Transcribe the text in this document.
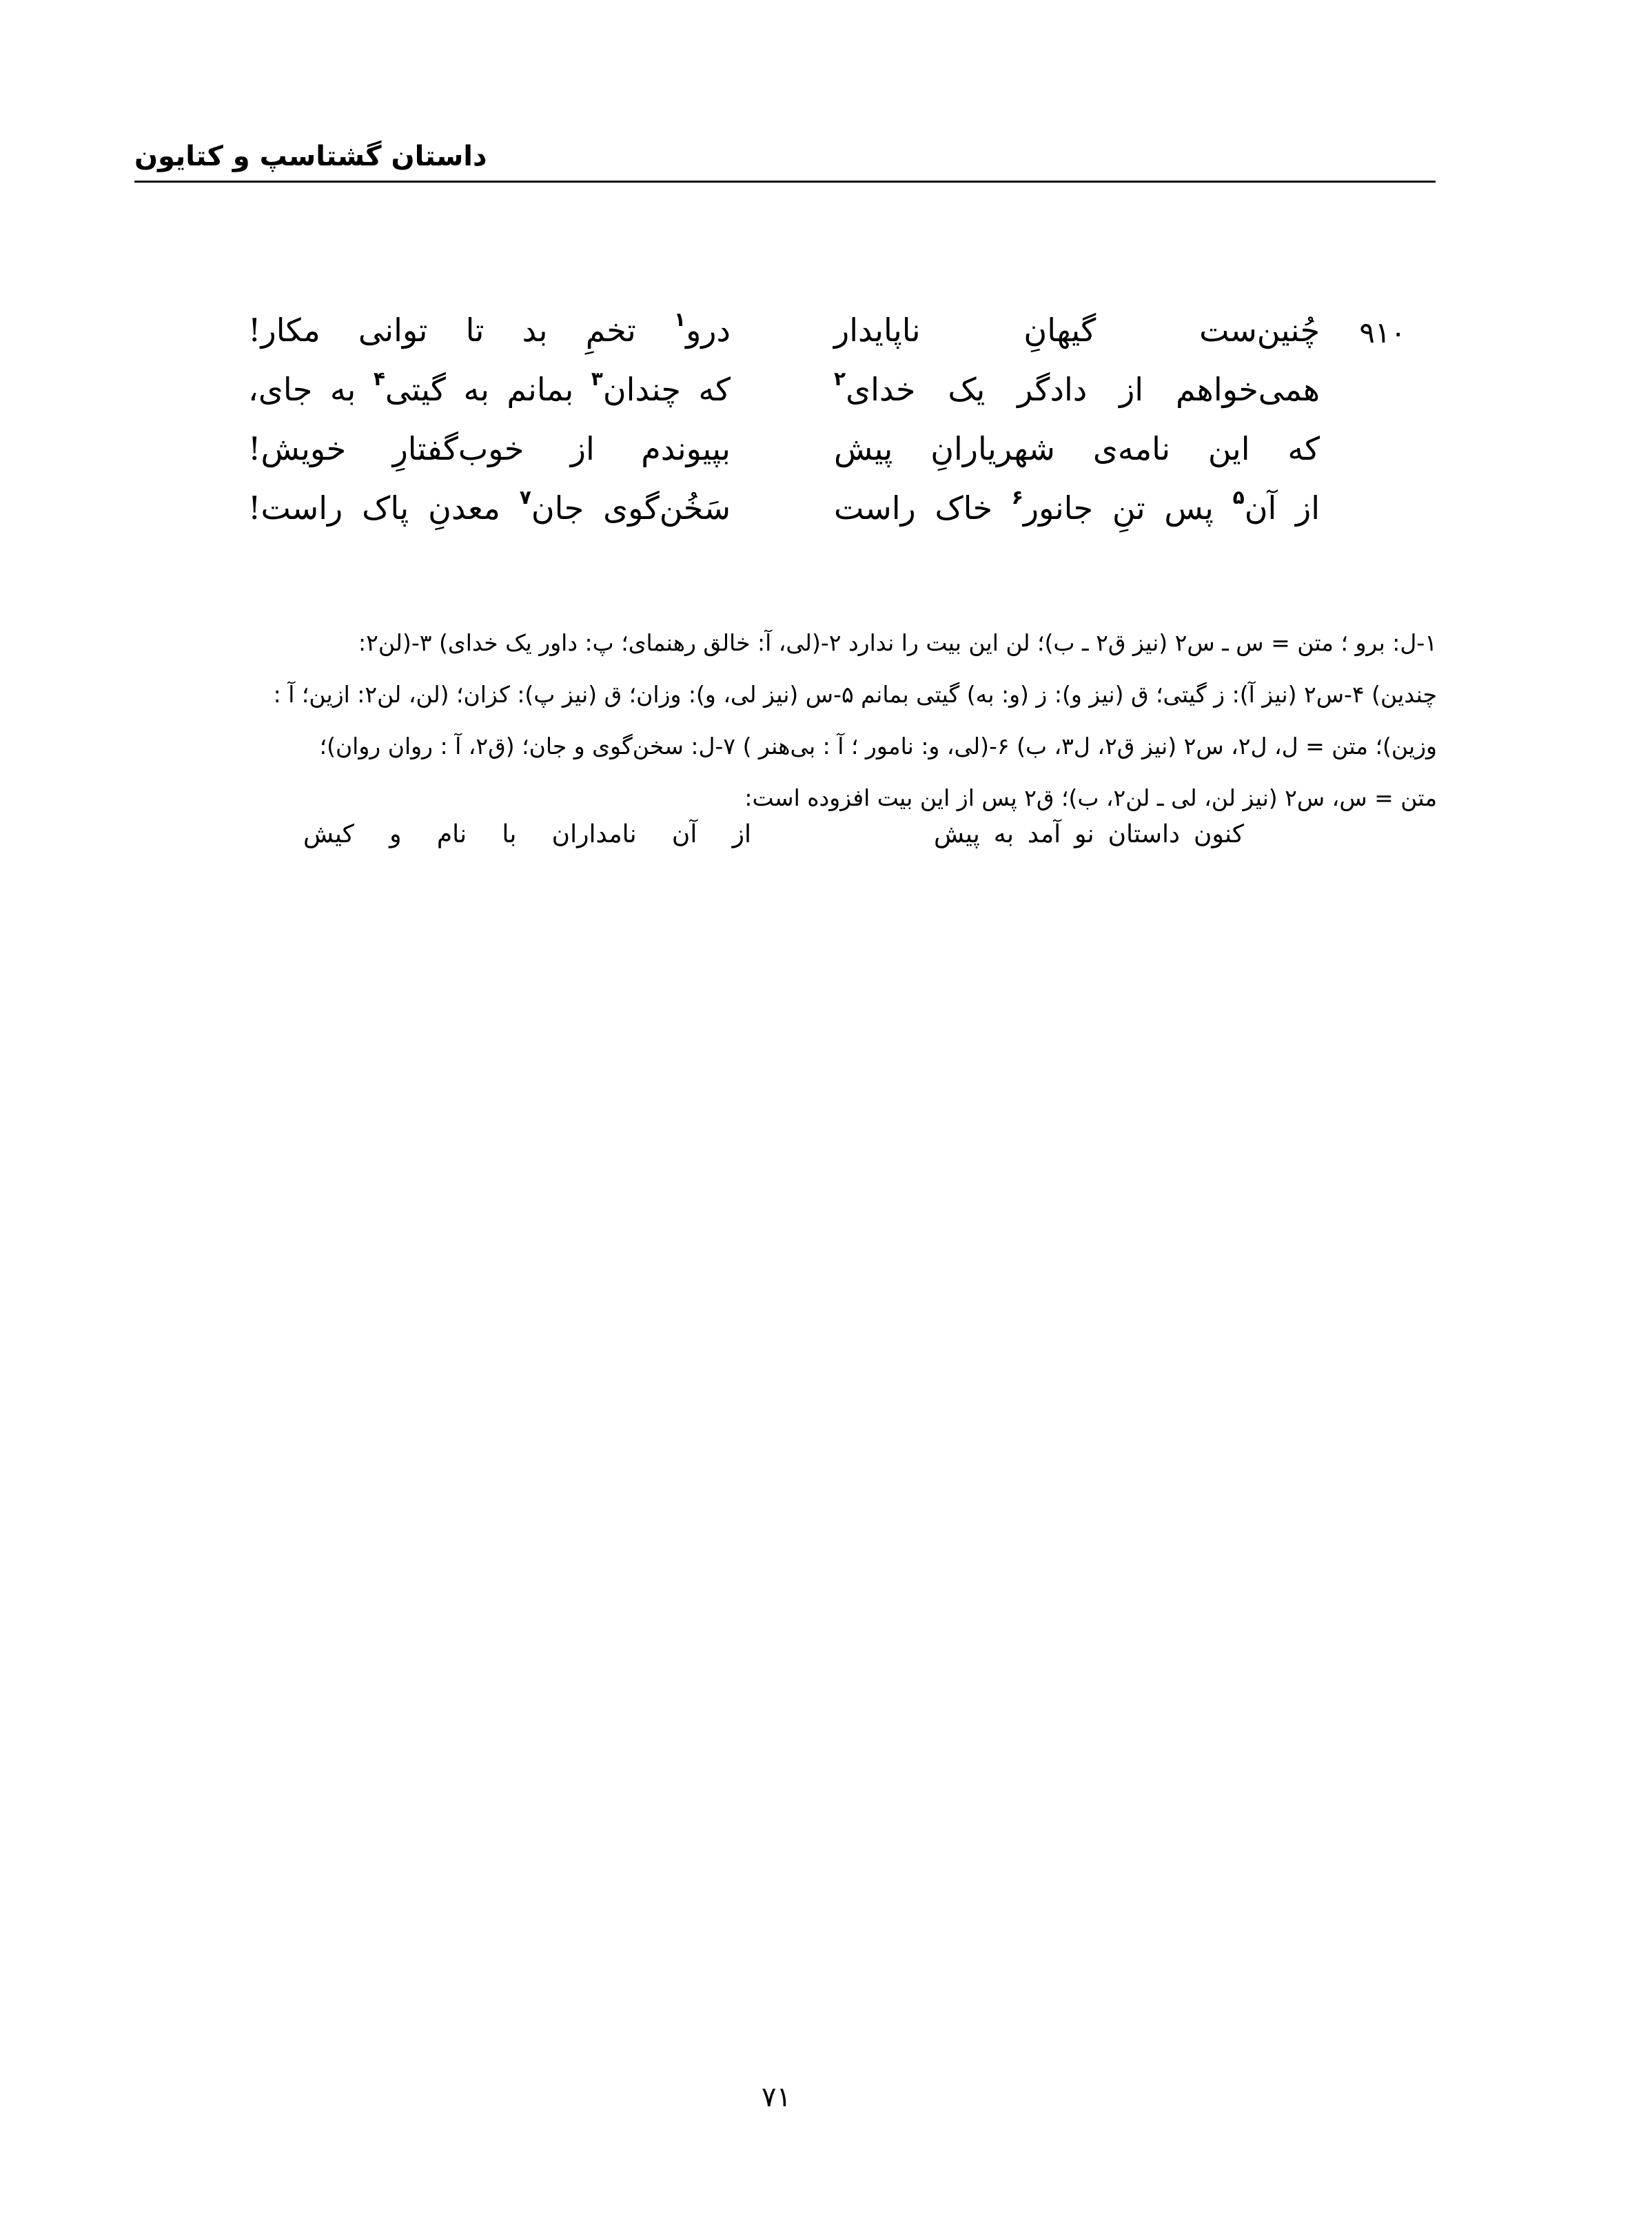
داستان گشتاسپ و کتایون
۹۱۰
چُنین‌ست گیهانِ ناپایدار
درو$^۱$ تخمِ بد تا توانی مکار!
همی‌خواهم از دادگر یک خدای$^۲$
که چندان$^۳$ بمانم به گیتی$^۴$ به جای،
که این نامه‌ی شهریارانِ پیش
بپیوندم از خوب‌گفتارِ خویش!
از آن$^۵$ پس تنِ جانور$^۶$ خاک راست
سَخُن‌گوی جان$^۷$ معدنِ پاک راست!
۱-ل: برو ؛ متن = س ـ س۲ (نیز ق۲ ـ ب)؛ لن این بیت را ندارد ۲-(لی، آ: خالق رهنمای؛ پ: داور یک خدای) ۳-(لن۲:
چندین) ۴-س۲ (نیز آ): ز گیتی؛ ق (نیز و): ز (و: به) گیتی بمانم ۵-س (نیز لی، و): وزان؛ ق (نیز پ): کزان؛ (لن، لن۲: ازین؛ آ :
وزین)؛ متن = ل، ل۲، س۲ (نیز ق۲، ل۳، ب) ۶-(لی، و: نامور ؛ آ : بی‌هنر ) ۷-ل: سخن‌گوی و جان؛ (ق۲، آ : روان روان)؛
متن = س، س۲ (نیز لن، لی ـ لن۲، ب)؛ ق۲ پس از این بیت افزوده است:
کنون داستان نو آمد به پیش
از آن نامداران با نام و کیش
۷۱
